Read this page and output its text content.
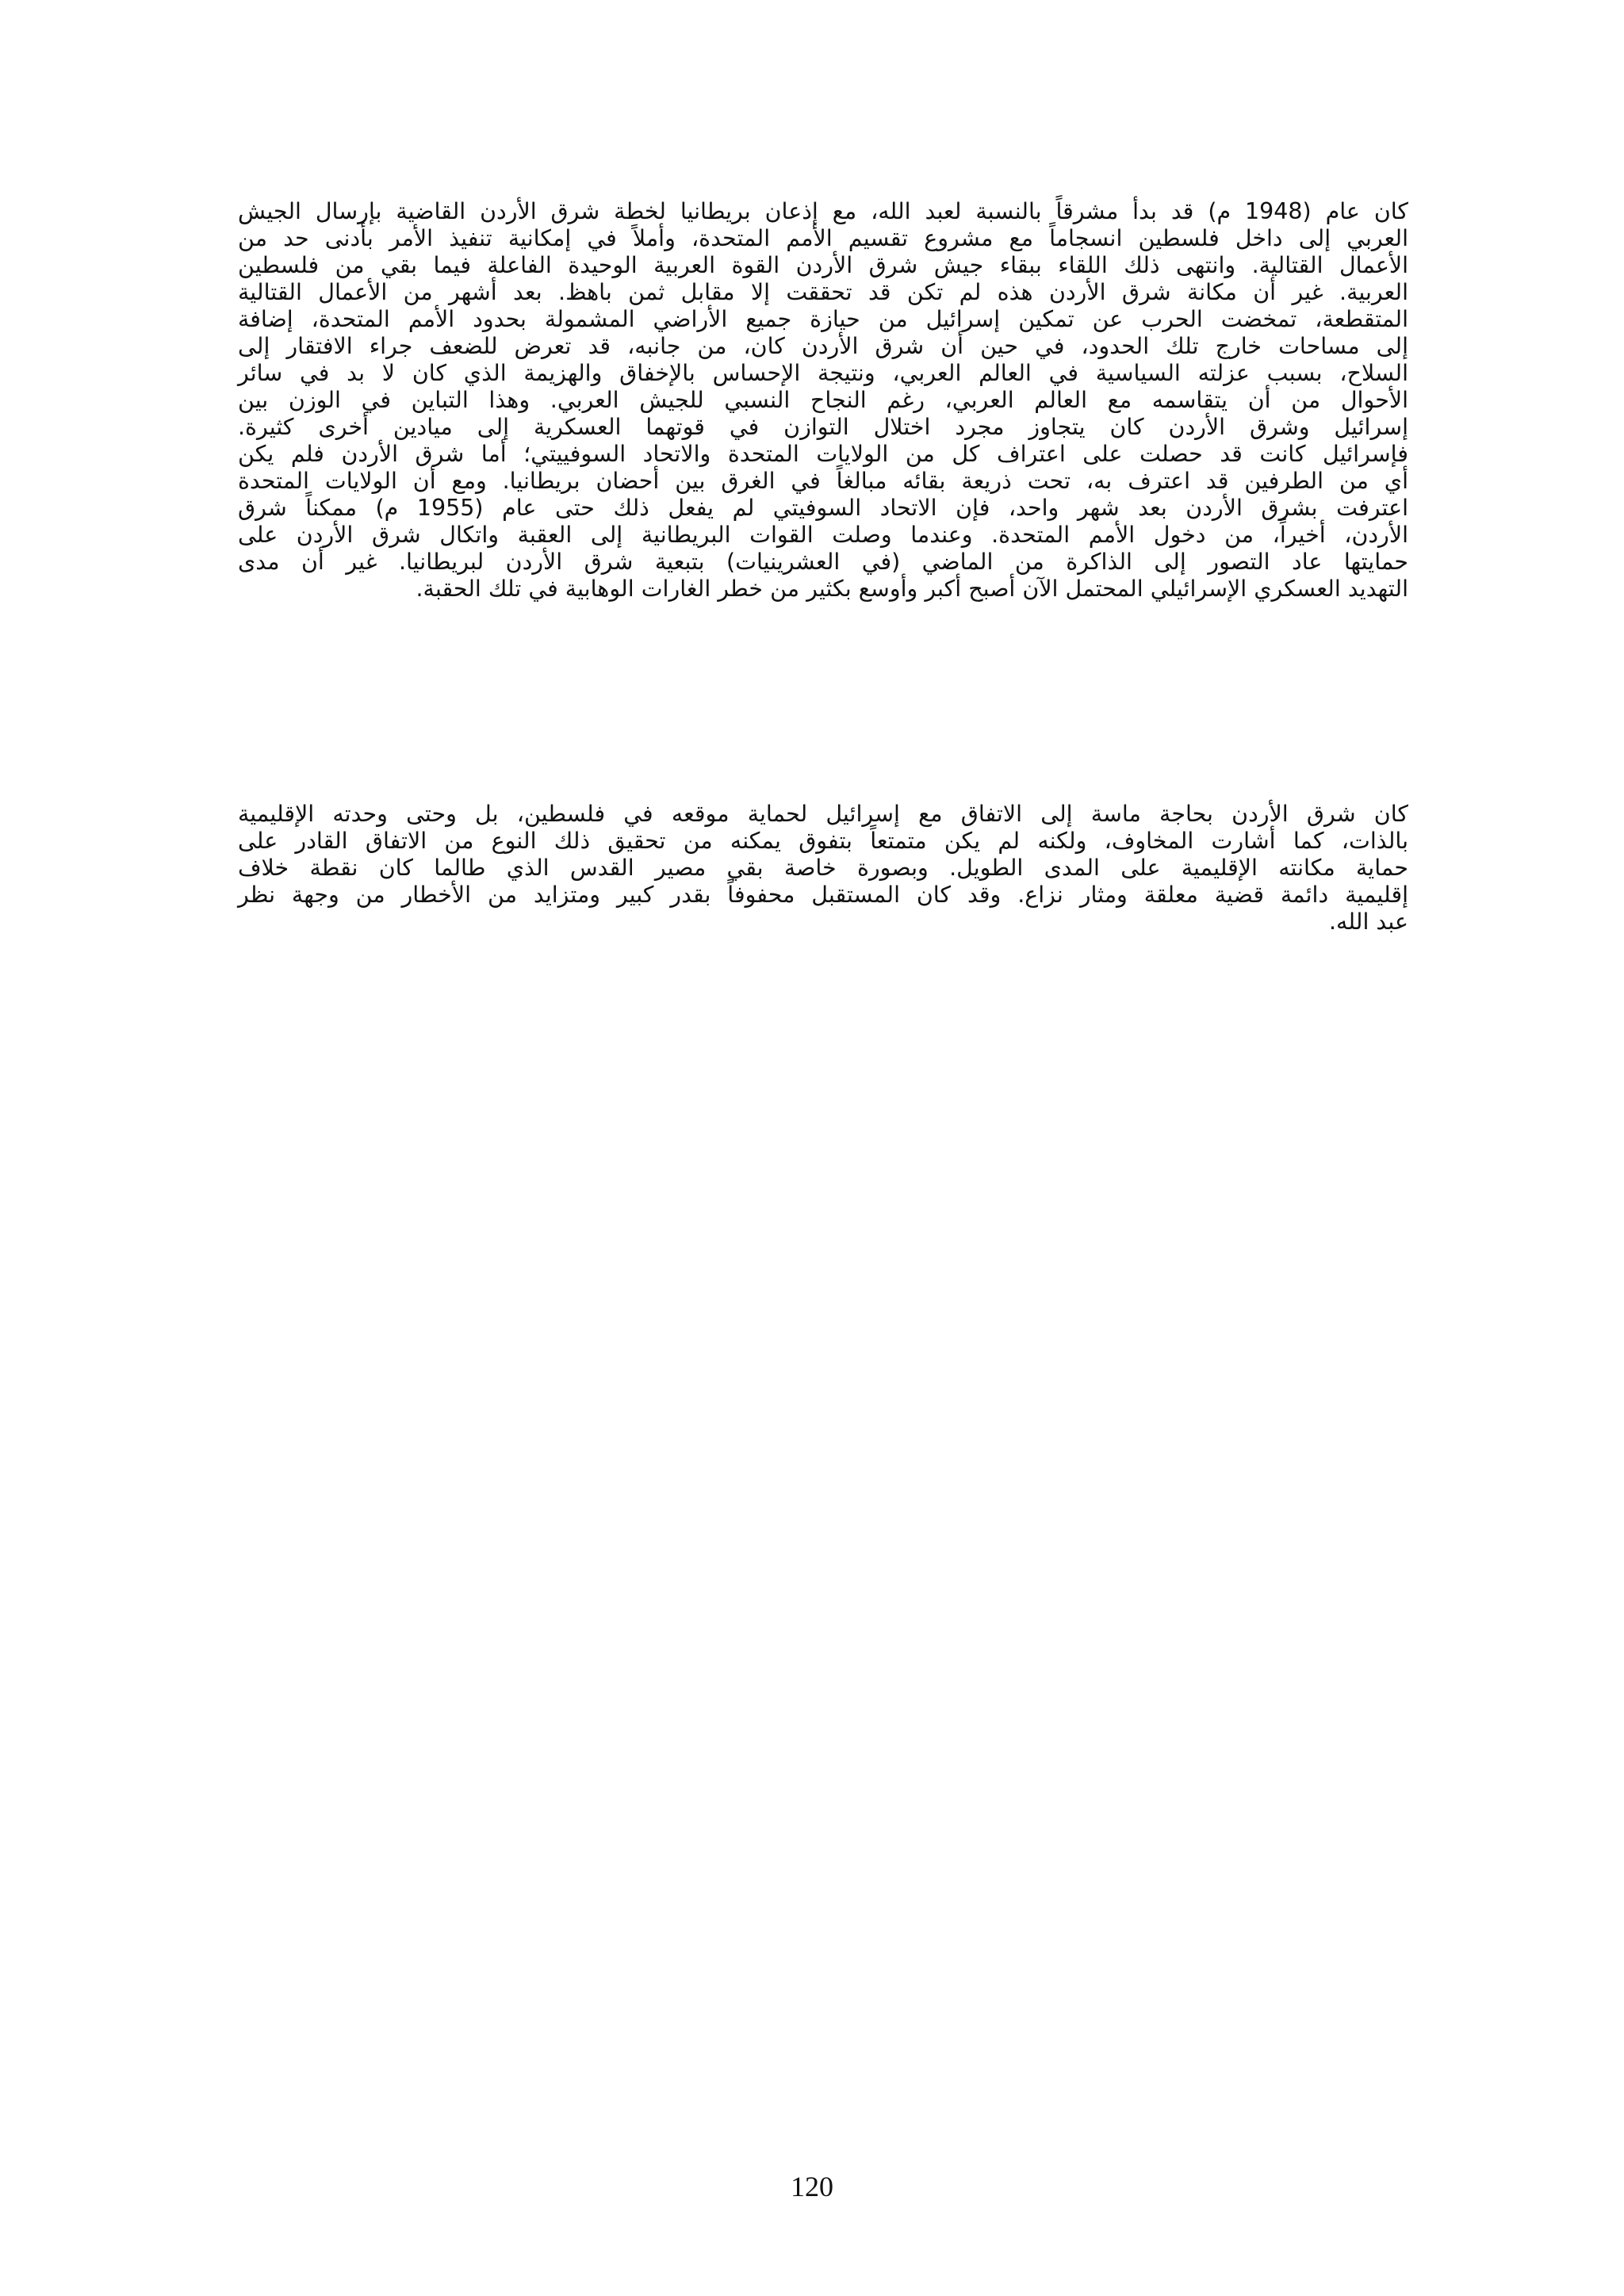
كان عام (1948 م) قد بدأ مشرقاً بالنسبة لعبد الله، مع إذعان بريطانيا لخطة شرق الأردن القاضية بإرسال الجيش
العربي إلى داخل فلسطين انسجاماً مع مشروع تقسيم الأمم المتحدة، وأملاً في إمكانية تنفيذ الأمر بأدنى حد من
الأعمال القتالية. وانتهى ذلك اللقاء ببقاء جيش شرق الأردن القوة العربية الوحيدة الفاعلة فيما بقي من فلسطين
العربية. غير أن مكانة شرق الأردن هذه لم تكن قد تحققت إلا مقابل ثمن باهظ. بعد أشهر من الأعمال القتالية
المتقطعة، تمخضت الحرب عن تمكين إسرائيل من حيازة جميع الأراضي المشمولة بحدود الأمم المتحدة، إضافة
إلى مساحات خارج تلك الحدود، في حين أن شرق الأردن كان، من جانبه، قد تعرض للضعف جراء الافتقار إلى
السلاح، بسبب عزلته السياسية في العالم العربي، ونتيجة الإحساس بالإخفاق والهزيمة الذي كان لا بد في سائر
الأحوال من أن يتقاسمه مع العالم العربي، رغم النجاح النسبي للجيش العربي. وهذا التباين في الوزن بين
إسرائيل وشرق الأردن كان يتجاوز مجرد اختلال التوازن في قوتهما العسكرية إلى ميادين أخرى كثيرة.
فإسرائيل كانت قد حصلت على اعتراف كل من الولايات المتحدة والاتحاد السوفييتي؛ أما شرق الأردن فلم يكن
أي من الطرفين قد اعترف به، تحت ذريعة بقائه مبالغاً في الغرق بين أحضان بريطانيا. ومع أن الولايات المتحدة
اعترفت بشرق الأردن بعد شهر واحد، فإن الاتحاد السوفيتي لم يفعل ذلك حتى عام (1955 م) ممكناً شرق
الأردن، أخيراً، من دخول الأمم المتحدة. وعندما وصلت القوات البريطانية إلى العقبة واتكال شرق الأردن على
حمايتها عاد التصور إلى الذاكرة من الماضي (في العشرينيات) بتبعية شرق الأردن لبريطانيا. غير أن مدى
التهديد العسكري الإسرائيلي المحتمل الآن أصبح أكبر وأوسع بكثير من خطر الغارات الوهابية في تلك الحقبة.
كان شرق الأردن بحاجة ماسة إلى الاتفاق مع إسرائيل لحماية موقعه في فلسطين، بل وحتى وحدته الإقليمية
بالذات، كما أشارت المخاوف، ولكنه لم يكن متمتعاً بتفوق يمكنه من تحقيق ذلك النوع من الاتفاق القادر على
حماية مكانته الإقليمية على المدى الطويل. وبصورة خاصة بقي مصير القدس الذي طالما كان نقطة خلاف
إقليمية دائمة قضية معلقة ومثار نزاع. وقد كان المستقبل محفوفاً بقدر كبير ومتزايد من الأخطار من وجهة نظر
عبد الله.
120
